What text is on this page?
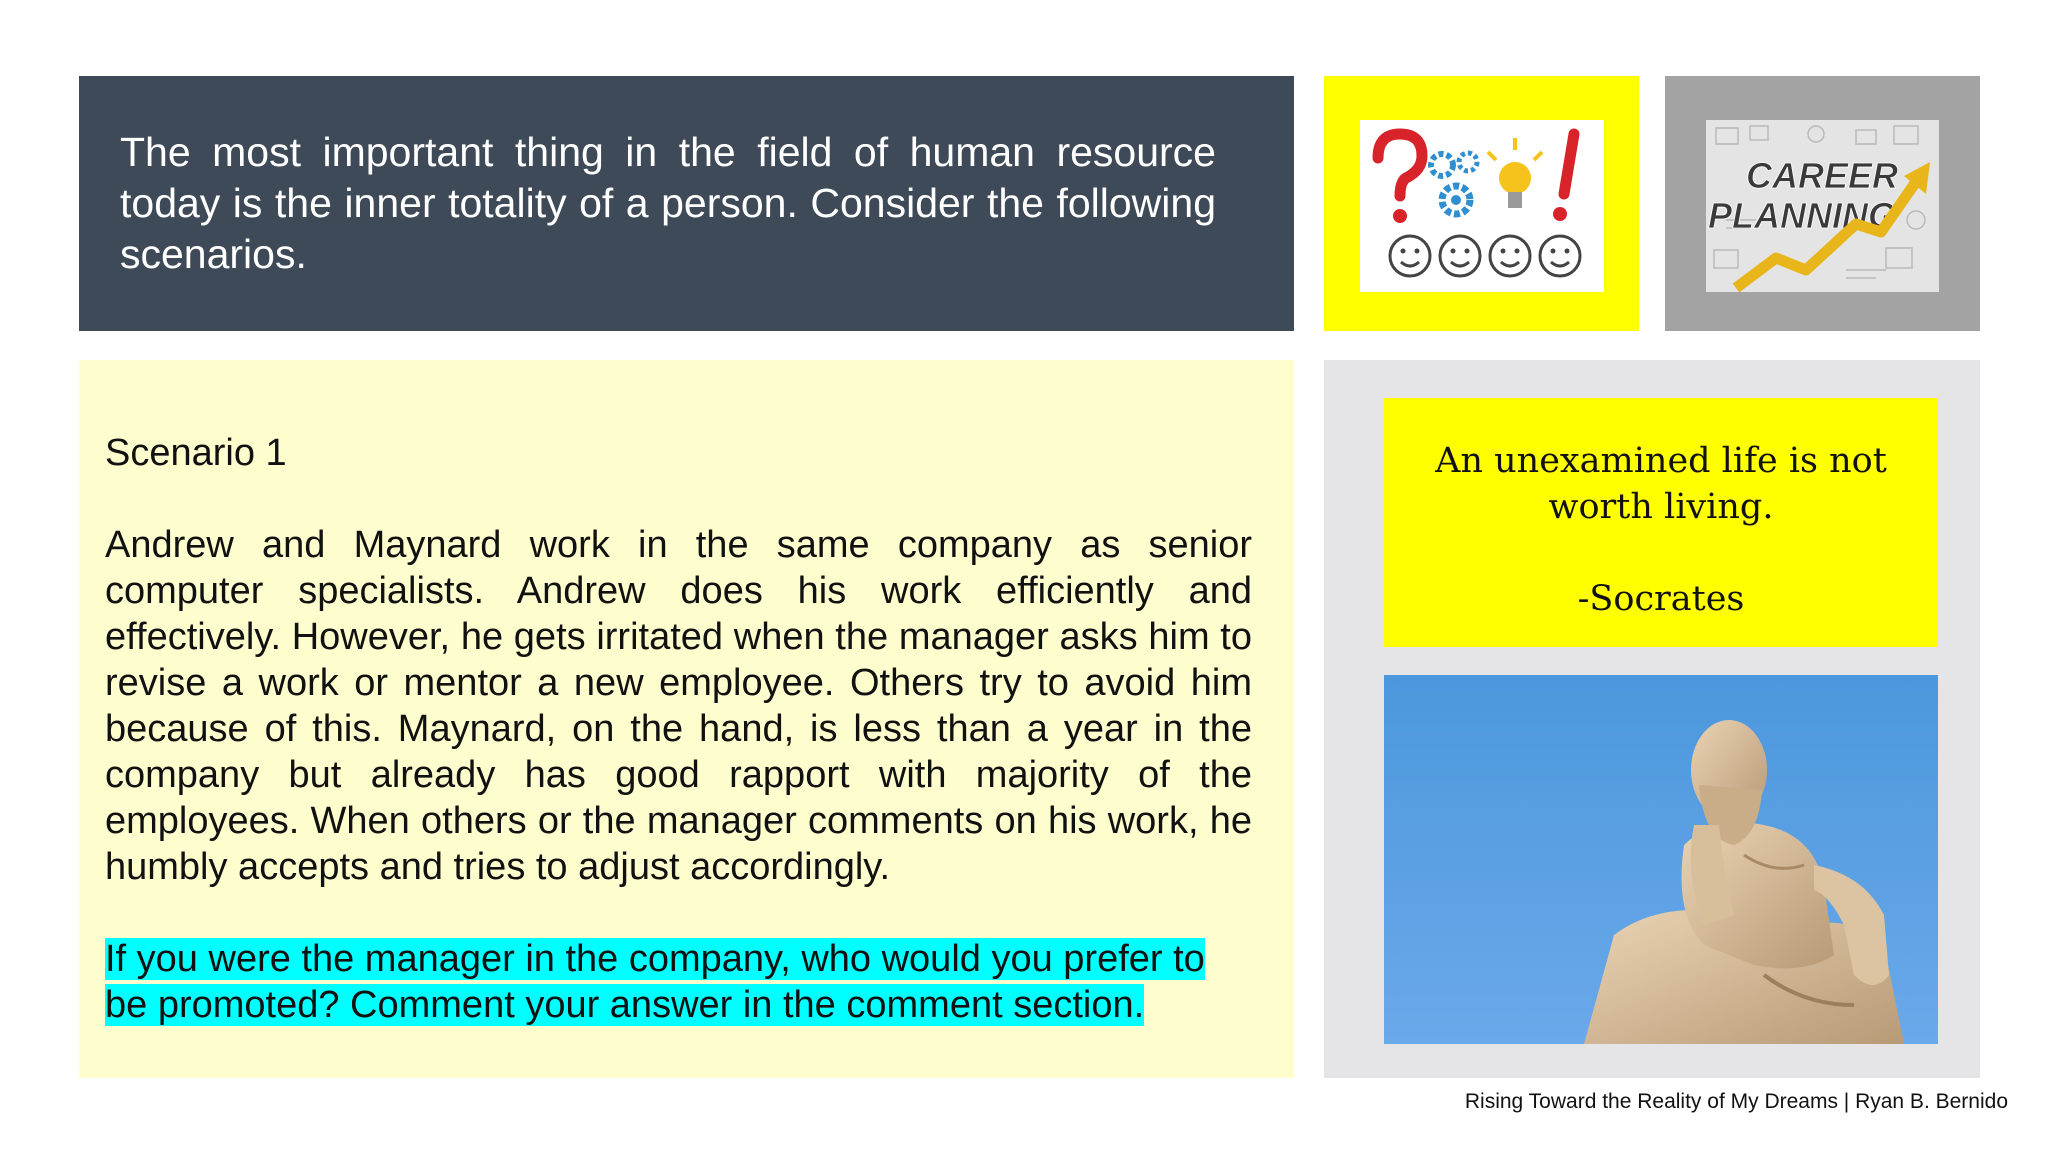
The most important thing in the field of human resource today is the inner totality of a person. Consider the following scenarios.

CAREER
PLANNING

Scenario 1

Andrew and Maynard work in the same company as senior computer specialists. Andrew does his work efficiently and effectively. However, he gets irritated when the manager asks him to revise a work or mentor a new employee. Others try to avoid him because of this. Maynard, on the hand, is less than a year in the company but already has good rapport with majority of the employees. When others or the manager comments on his work, he humbly accepts and tries to adjust accordingly.

If you were the manager in the company, who would you prefer to be promoted? Comment your answer in the comment section.

An unexamined life is not worth living.
-Socrates
Rising Toward the Reality of My Dreams | Ryan B. Bernido
